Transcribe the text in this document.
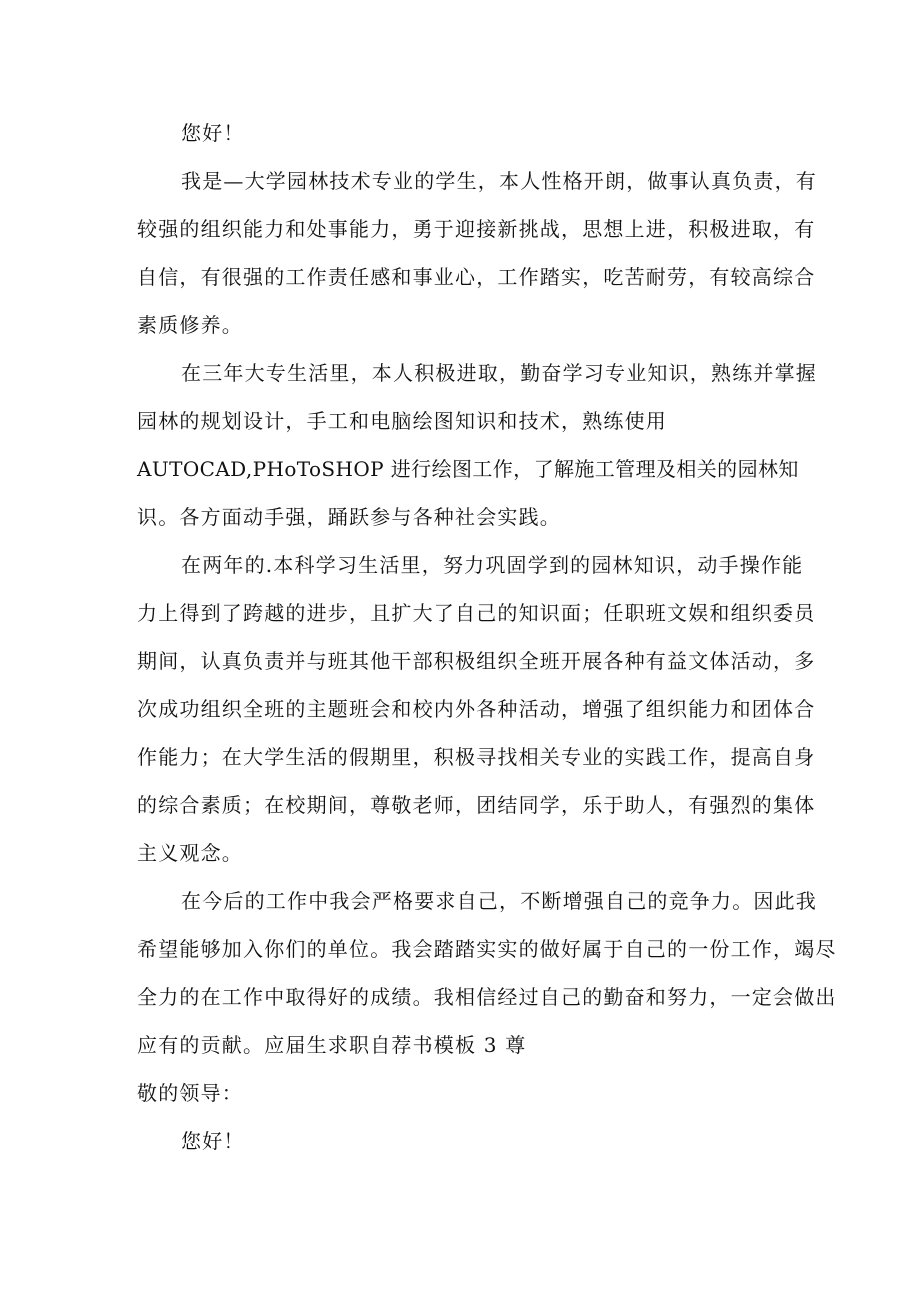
您好！

我是—大学园林技术专业的学生，本人性格开朗，做事认真负责，有

较强的组织能力和处事能力，勇于迎接新挑战，思想上进，积极进取，有

自信，有很强的工作责任感和事业心，工作踏实，吃苦耐劳，有较高综合

素质修养。

在三年大专生活里，本人积极进取，勤奋学习专业知识，熟练并掌握

园林的规划设计，手工和电脑绘图知识和技术，熟练使用

AUTOCAD,PHoToSHOP 进行绘图工作，了解施工管理及相关的园林知

识。各方面动手强，踊跃参与各种社会实践。

在两年的.本科学习生活里，努力巩固学到的园林知识，动手操作能

力上得到了跨越的进步，且扩大了自己的知识面；任职班文娱和组织委员

期间，认真负责并与班其他干部积极组织全班开展各种有益文体活动，多

次成功组织全班的主题班会和校内外各种活动，增强了组织能力和团体合

作能力；在大学生活的假期里，积极寻找相关专业的实践工作，提高自身

的综合素质；在校期间，尊敬老师，团结同学，乐于助人，有强烈的集体

主义观念。

在今后的工作中我会严格要求自己，不断增强自己的竞争力。因此我

希望能够加入你们的单位。我会踏踏实实的做好属于自己的一份工作，竭尽

全力的在工作中取得好的成绩。我相信经过自己的勤奋和努力，一定会做出

应有的贡献。应届生求职自荐书模板 3 尊

敬的领导：

您好！
